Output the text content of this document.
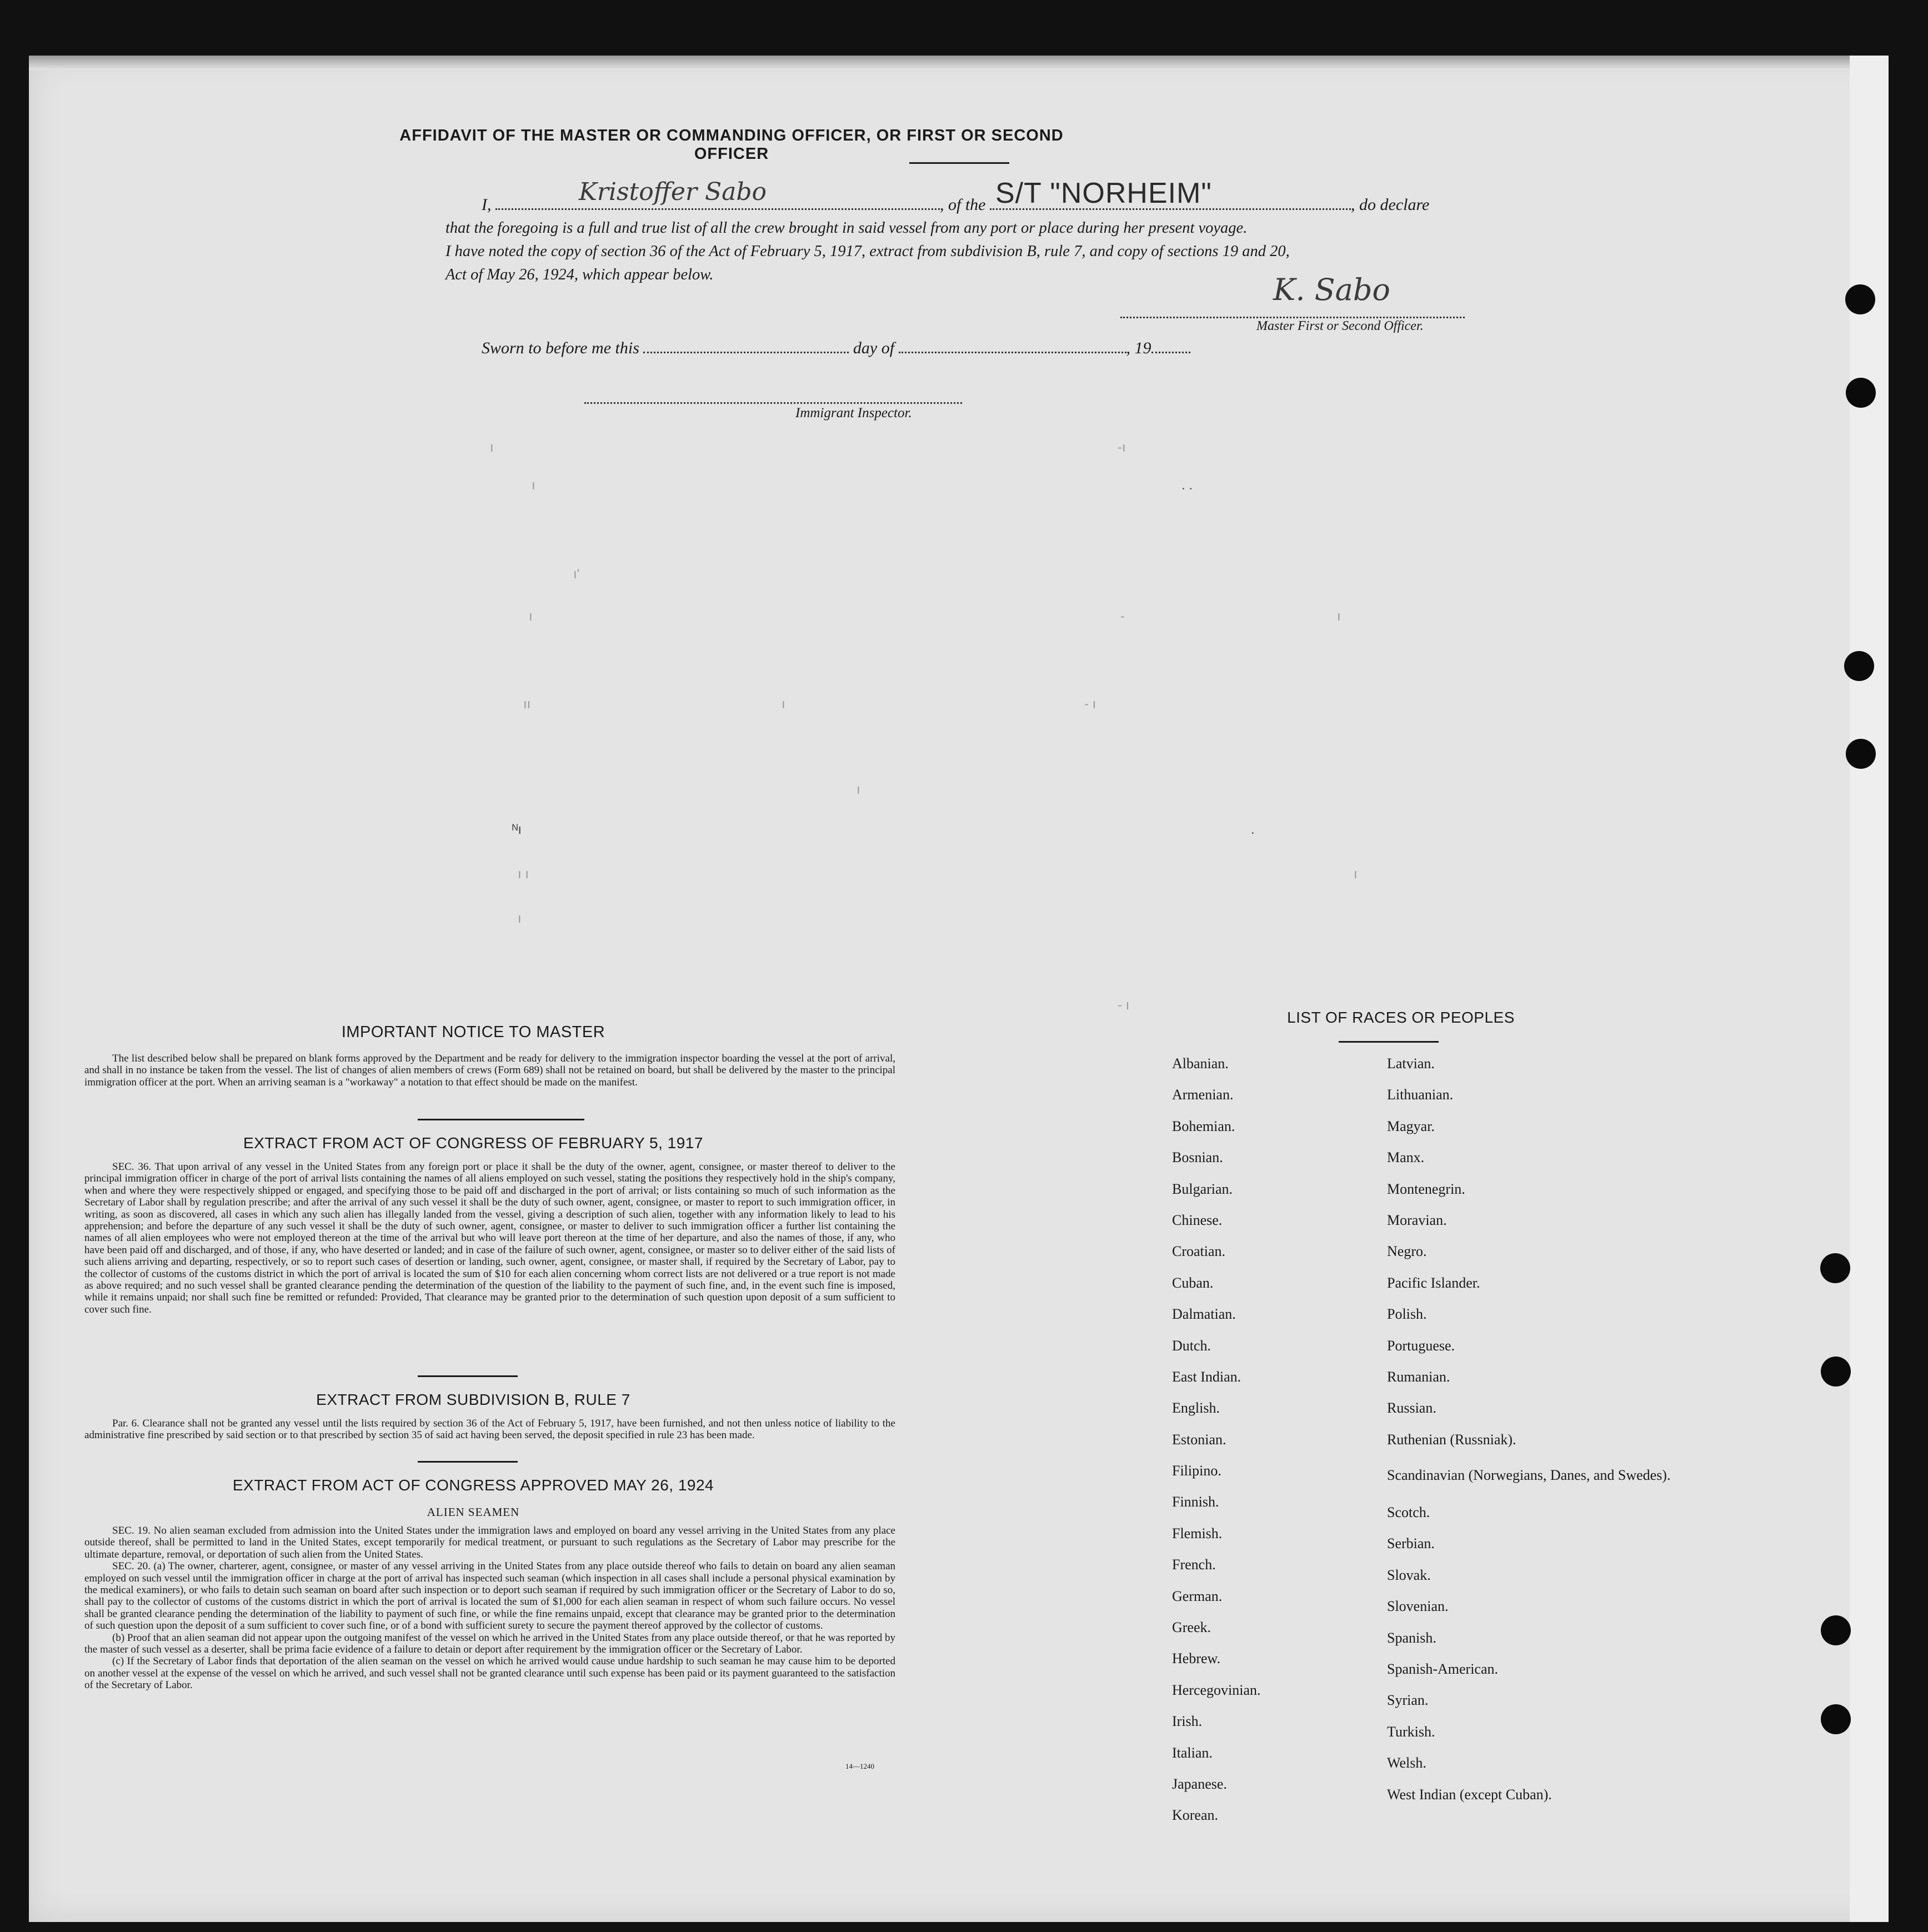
AFFIDAVIT OF THE MASTER OR COMMANDING OFFICER, OR FIRST OR SECOND OFFICER
I,	Kristoffer Sabo	, of the S/T "NORHEIM"	, do declare
that the foregoing is a full and true list of all the crew brought in said vessel from any port or place during her present voyage.
I have noted the copy of section 36 of the Act of February 5, 1917, extract from subdivision B, rule 7, and copy of sections 19 and 20,
Act of May 26, 1924, which appear below.	K. Sabo
Master First or Second Officer.
Sworn to before me this	day of	, 19
Immigrant Inspector.
ı	-ı
ı	. .
ı'
ı	-	ı
ıı	ı	- ı
ı
ᴺı	.
ı ı	ı
ı
- ı
IMPORTANT NOTICE TO MASTER
The list described below shall be prepared on blank forms approved by the Department and be ready for delivery to the immigration inspector boarding the vessel at the port of arrival, and shall in no instance be taken from the vessel. The list of changes of alien members of crews (Form 689) shall not be retained on board, but shall be delivered by the master to the principal immigration officer at the port. When an arriving seaman is a "workaway" a notation to that effect should be made on the manifest.
EXTRACT FROM ACT OF CONGRESS OF FEBRUARY 5, 1917
SEC. 36. That upon arrival of any vessel in the United States from any foreign port or place it shall be the duty of the owner, agent, consignee, or master thereof to deliver to the principal immigration officer in charge of the port of arrival lists containing the names of all aliens employed on such vessel, stating the positions they respectively hold in the ship's company, when and where they were respectively shipped or engaged, and specifying those to be paid off and discharged in the port of arrival; or lists containing so much of such information as the Secretary of Labor shall by regulation prescribe; and after the arrival of any such vessel it shall be the duty of such owner, agent, consignee, or master to report to such immigration officer, in writing, as soon as discovered, all cases in which any such alien has illegally landed from the vessel, giving a description of such alien, together with any information likely to lead to his apprehension; and before the departure of any such vessel it shall be the duty of such owner, agent, consignee, or master to deliver to such immigration officer a further list containing the names of all alien employees who were not employed thereon at the time of the arrival but who will leave port thereon at the time of her departure, and also the names of those, if any, who have been paid off and discharged, and of those, if any, who have deserted or landed; and in case of the failure of such owner, agent, consignee, or master so to deliver either of the said lists of such aliens arriving and departing, respectively, or so to report such cases of desertion or landing, such owner, agent, consignee, or master shall, if required by the Secretary of Labor, pay to the collector of customs of the customs district in which the port of arrival is located the sum of $10 for each alien concerning whom correct lists are not delivered or a true report is not made as above required; and no such vessel shall be granted clearance pending the determination of the question of the liability to the payment of such fine, and, in the event such fine is imposed, while it remains unpaid; nor shall such fine be remitted or refunded: Provided, That clearance may be granted prior to the determination of such question upon deposit of a sum sufficient to cover such fine.
EXTRACT FROM SUBDIVISION B, RULE 7
Par. 6. Clearance shall not be granted any vessel until the lists required by section 36 of the Act of February 5, 1917, have been furnished, and not then unless notice of liability to the administrative fine prescribed by said section or to that prescribed by section 35 of said act having been served, the deposit specified in rule 23 has been made.
EXTRACT FROM ACT OF CONGRESS APPROVED MAY 26, 1924
ALIEN SEAMEN
SEC. 19. No alien seaman excluded from admission into the United States under the immigration laws and employed on board any vessel arriving in the United States from any place outside thereof, shall be permitted to land in the United States, except temporarily for medical treatment, or pursuant to such regulations as the Secretary of Labor may prescribe for the ultimate departure, removal, or deportation of such alien from the United States.
SEC. 20. (a) The owner, charterer, agent, consignee, or master of any vessel arriving in the United States from any place outside thereof who fails to detain on board any alien seaman employed on such vessel until the immigration officer in charge at the port of arrival has inspected such seaman (which inspection in all cases shall include a personal physical examination by the medical examiners), or who fails to detain such seaman on board after such inspection or to deport such seaman if required by such immigration officer or the Secretary of Labor to do so, shall pay to the collector of customs of the customs district in which the port of arrival is located the sum of $1,000 for each alien seaman in respect of whom such failure occurs. No vessel shall be granted clearance pending the determination of the liability to payment of such fine, or while the fine remains unpaid, except that clearance may be granted prior to the determination of such question upon the deposit of a sum sufficient to cover such fine, or of a bond with sufficient surety to secure the payment thereof approved by the collector of customs.
(b) Proof that an alien seaman did not appear upon the outgoing manifest of the vessel on which he arrived in the United States from any place outside thereof, or that he was reported by the master of such vessel as a deserter, shall be prima facie evidence of a failure to detain or deport after requirement by the immigration officer or the Secretary of Labor.
(c) If the Secretary of Labor finds that deportation of the alien seaman on the vessel on which he arrived would cause undue hardship to such seaman he may cause him to be deported on another vessel at the expense of the vessel on which he arrived, and such vessel shall not be granted clearance until such expense has been paid or its payment guaranteed to the satisfaction of the Secretary of Labor.
14—1240
LIST OF RACES OR PEOPLES
Albanian.
Armenian.
Bohemian.
Bosnian.
Bulgarian.
Chinese.
Croatian.
Cuban.
Dalmatian.
Dutch.
East Indian.
English.
Estonian.
Filipino.
Finnish.
Flemish.
French.
German.
Greek.
Hebrew.
Hercegovinian.
Irish.
Italian.
Japanese.
Korean.
Latvian.
Lithuanian.
Magyar.
Manx.
Montenegrin.
Moravian.
Negro.
Pacific Islander.
Polish.
Portuguese.
Rumanian.
Russian.
Ruthenian (Russniak).
Scandinavian (Norwegians, Danes, and Swedes).
Scotch.
Serbian.
Slovak.
Slovenian.
Spanish.
Spanish-American.
Syrian.
Turkish.
Welsh.
West Indian (except Cuban).
